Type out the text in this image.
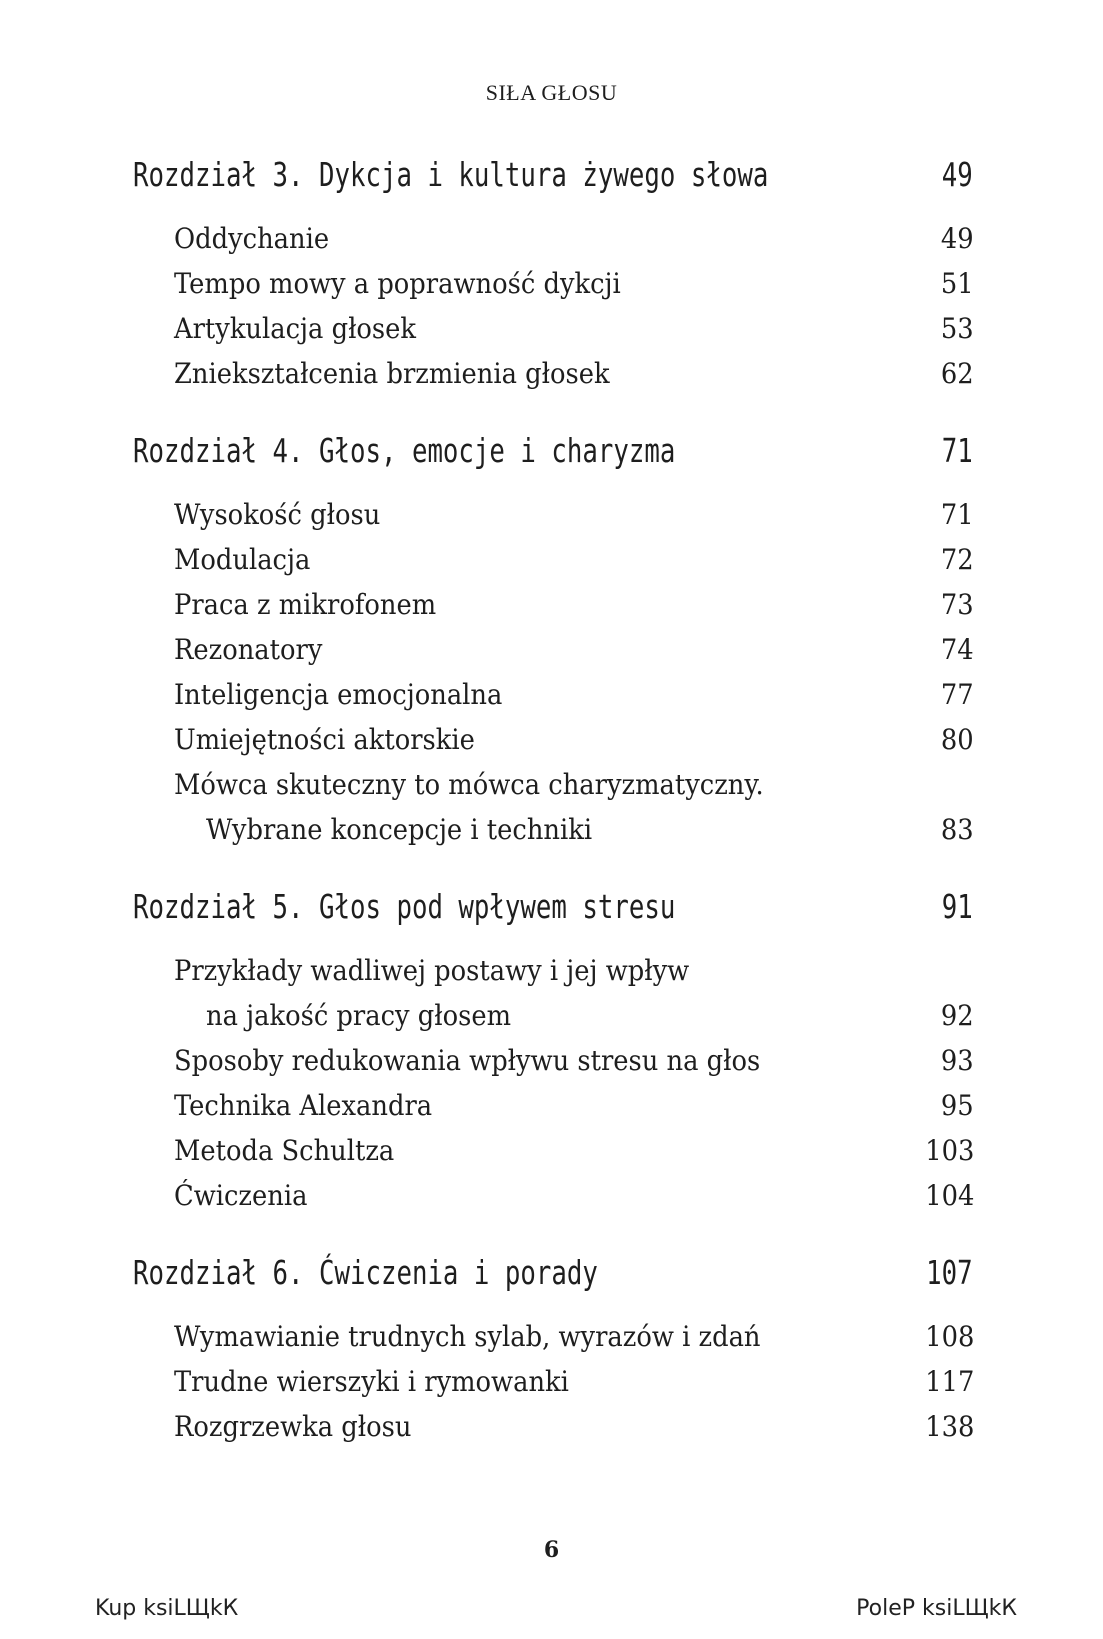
SIŁA GŁOSU
Rozdział 3. Dykcja i kultura żywego słowa	49
Oddychanie	49
Tempo mowy a poprawność dykcji	51
Artykulacja głosek	53
Zniekształcenia brzmienia głosek	62
Rozdział 4. Głos, emocje i charyzma	71
Wysokość głosu	71
Modulacja	72
Praca z mikrofonem	73
Rezonatory	74
Inteligencja emocjonalna	77
Umiejętności aktorskie	80
Mówca skuteczny to mówca charyzmatyczny.
Wybrane koncepcje i techniki	83
Rozdział 5. Głos pod wpływem stresu	91
Przykłady wadliwej postawy i jej wpływ
na jakość pracy głosem	92
Sposoby redukowania wpływu stresu na głos	93
Technika Alexandra	95
Metoda Schultza	103
Ćwiczenia	104
Rozdział 6. Ćwiczenia i porady	107
Wymawianie trudnych sylab, wyrazów i zdań	108
Trudne wierszyki i rymowanki	117
Rozgrzewka głosu	138
6
Kup ksiLЩkК	PoleР ksiLЩkК
